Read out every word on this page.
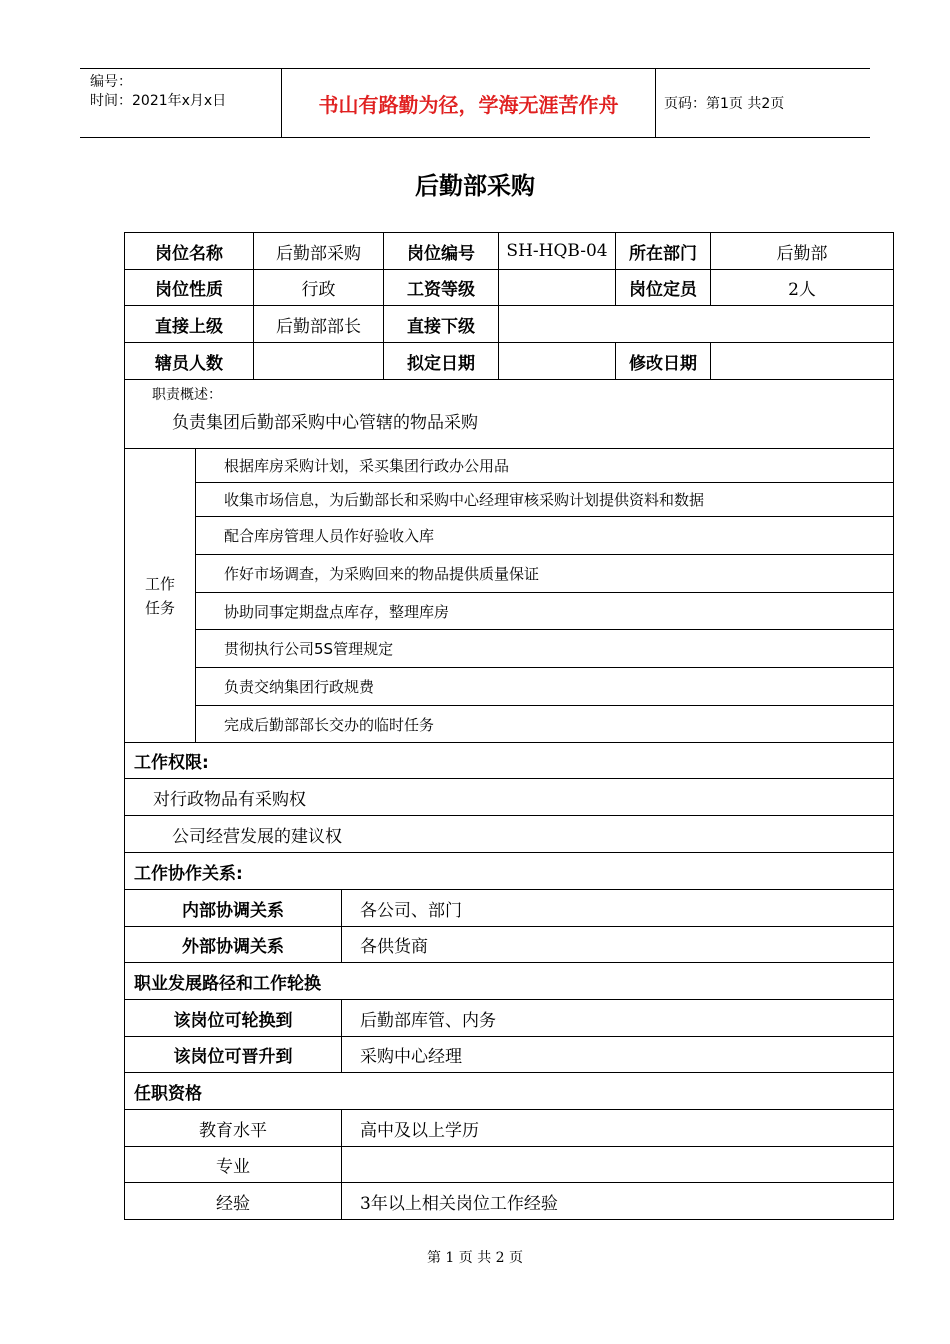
编号：
时间：2021年x月x日	书山有路勤为径，学海无涯苦作舟	页码：第1页 共2页
后勤部采购
岗位名称		后勤部采购		岗位编号	SH-HQB-04	所在部门	后勤部
岗位性质		行政		工资等级		岗位定员	2人
直接上级		后勤部部长		直接下级			
辖员人数				拟定日期		修改日期	

职责概述：
负责集团后勤部采购中心管辖的物品采购							

工作
任务	根据库房采购计划，采买集团行政办公用品						
	收集市场信息，为后勤部长和采购中心经理审核采购计划提供资料和数据						
	配合库房管理人员作好验收入库						
	作好市场调查，为采购回来的物品提供质量保证						
	协助同事定期盘点库存，整理库房						
	贯彻执行公司5S管理规定						
	负责交纳集团行政规费						
	完成后勤部部长交办的临时任务						
工作权限:							
对行政物品有采购权							
公司经营发展的建议权							
工作协作关系:							
内部协调关系			各公司、部门				
外部协调关系			各供货商				
职业发展路径和工作轮换							
该岗位可轮换到			后勤部库管、内务				
该岗位可晋升到			采购中心经理				
任职资格							
教育水平			高中及以上学历				
专业							
经验			3年以上相关岗位工作经验				
第 1 页 共 2 页
